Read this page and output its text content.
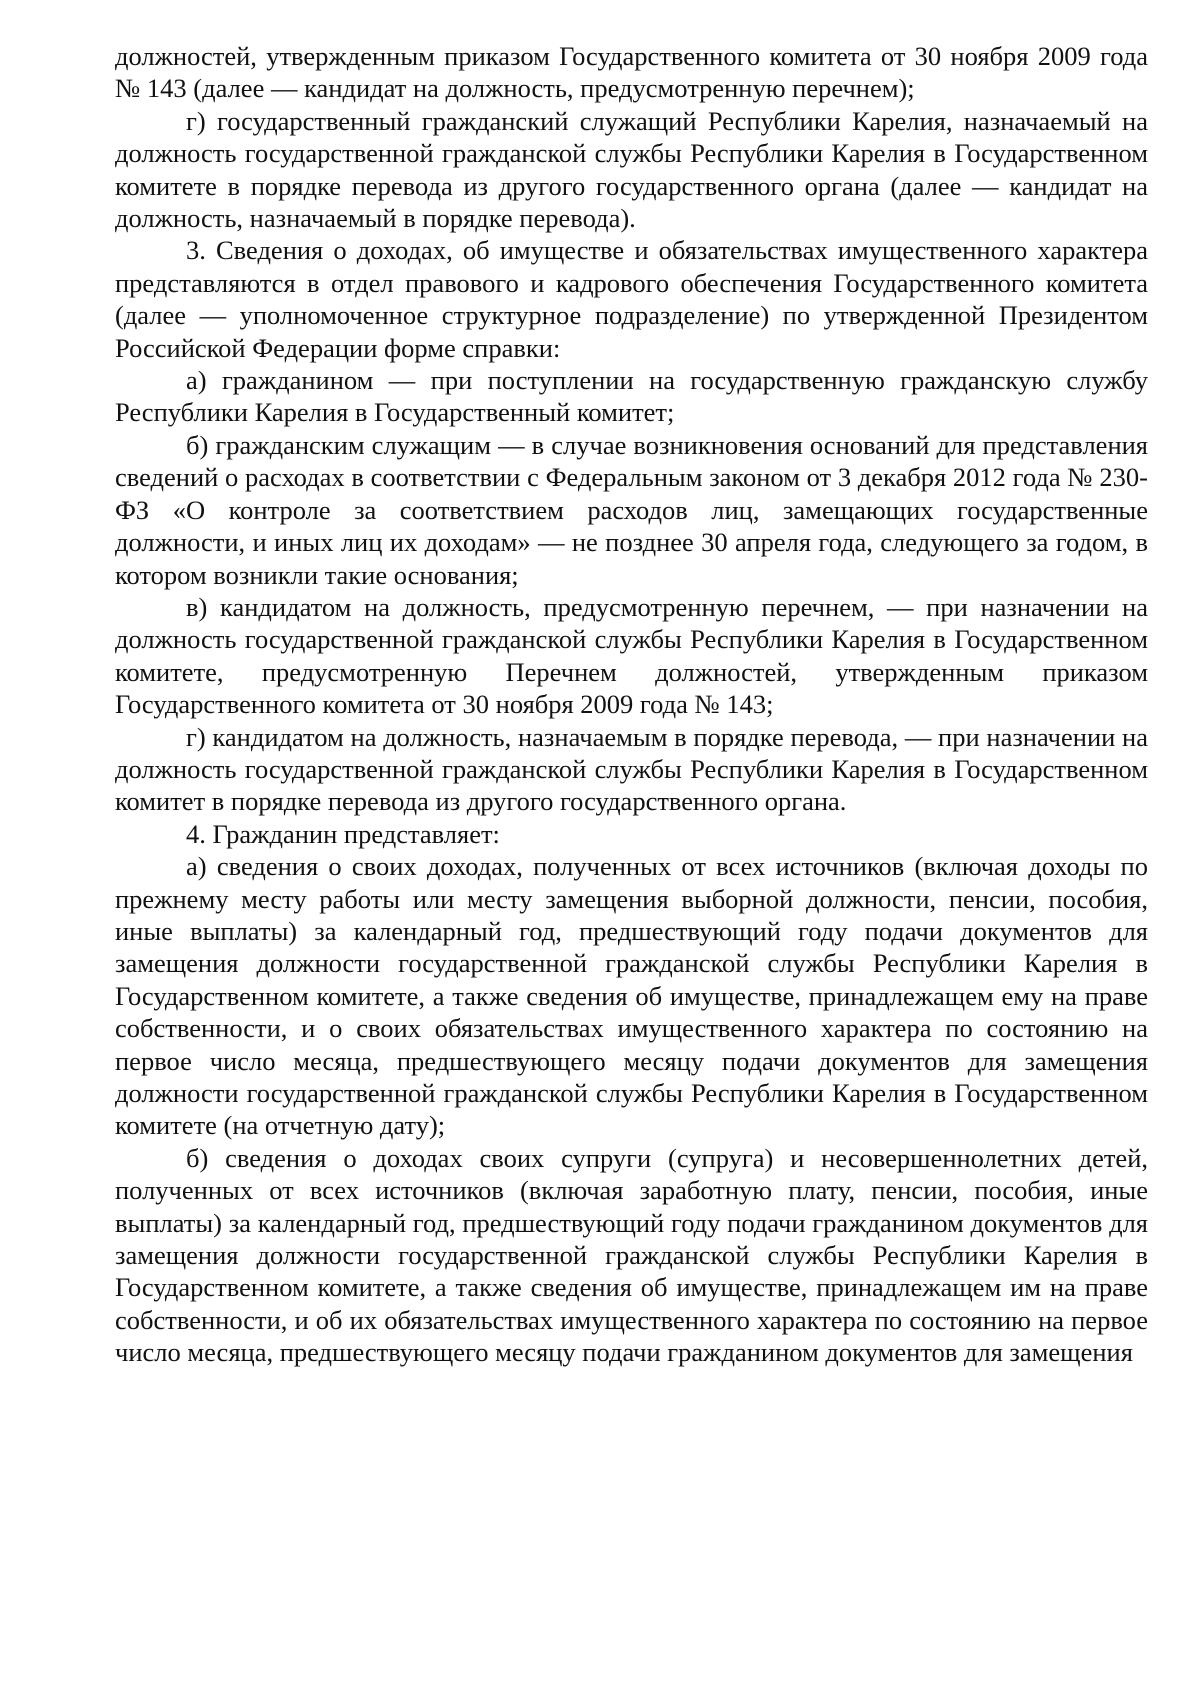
должностей, утвержденным приказом Государственного комитета от 30 ноября 2009 года № 143 (далее — кандидат на должность, предусмотренную перечнем);

г) государственный гражданский служащий Республики Карелия, назначаемый на должность государственной гражданской службы Республики Карелия в Государственном комитете в порядке перевода из другого государственного органа (далее — кандидат на должность, назначаемый в порядке перевода).

3. Сведения о доходах, об имуществе и обязательствах имущественного характера представляются в отдел правового и кадрового обеспечения Государственного комитета (далее — уполномоченное структурное подразделение) по утвержденной Президентом Российской Федерации форме справки:

а) гражданином — при поступлении на государственную гражданскую службу Республики Карелия в Государственный комитет;

б) гражданским служащим — в случае возникновения оснований для представления сведений о расходах в соответствии с Федеральным законом от 3 декабря 2012 года № 230-ФЗ «О контроле за соответствием расходов лиц, замещающих государственные должности, и иных лиц их доходам» — не позднее 30 апреля года, следующего за годом, в котором возникли такие основания;

в) кандидатом на должность, предусмотренную перечнем, — при назначении на должность государственной гражданской службы Республики Карелия в Государственном комитете, предусмотренную Перечнем должностей, утвержденным приказом Государственного комитета от 30 ноября 2009 года № 143;

г) кандидатом на должность, назначаемым в порядке перевода, — при назначении на должность государственной гражданской службы Республики Карелия в Государственном комитет в порядке перевода из другого государственного органа.

4. Гражданин представляет:

а) сведения о своих доходах, полученных от всех источников (включая доходы по прежнему месту работы или месту замещения выборной должности, пенсии, пособия, иные выплаты) за календарный год, предшествующий году подачи документов для замещения должности государственной гражданской службы Республики Карелия в Государственном комитете, а также сведения об имуществе, принадлежащем ему на праве собственности, и о своих обязательствах имущественного характера по состоянию на первое число месяца, предшествующего месяцу подачи документов для замещения должности государственной гражданской службы Республики Карелия в Государственном комитете (на отчетную дату);

б) сведения о доходах своих супруги (супруга) и несовершеннолетних детей, полученных от всех источников (включая заработную плату, пенсии, пособия, иные выплаты) за календарный год, предшествующий году подачи гражданином документов для замещения должности государственной гражданской службы Республики Карелия в Государственном комитете, а также сведения об имуществе, принадлежащем им на праве собственности, и об их обязательствах имущественного характера по состоянию на первое число месяца, предшествующего месяцу подачи гражданином документов для замещения
